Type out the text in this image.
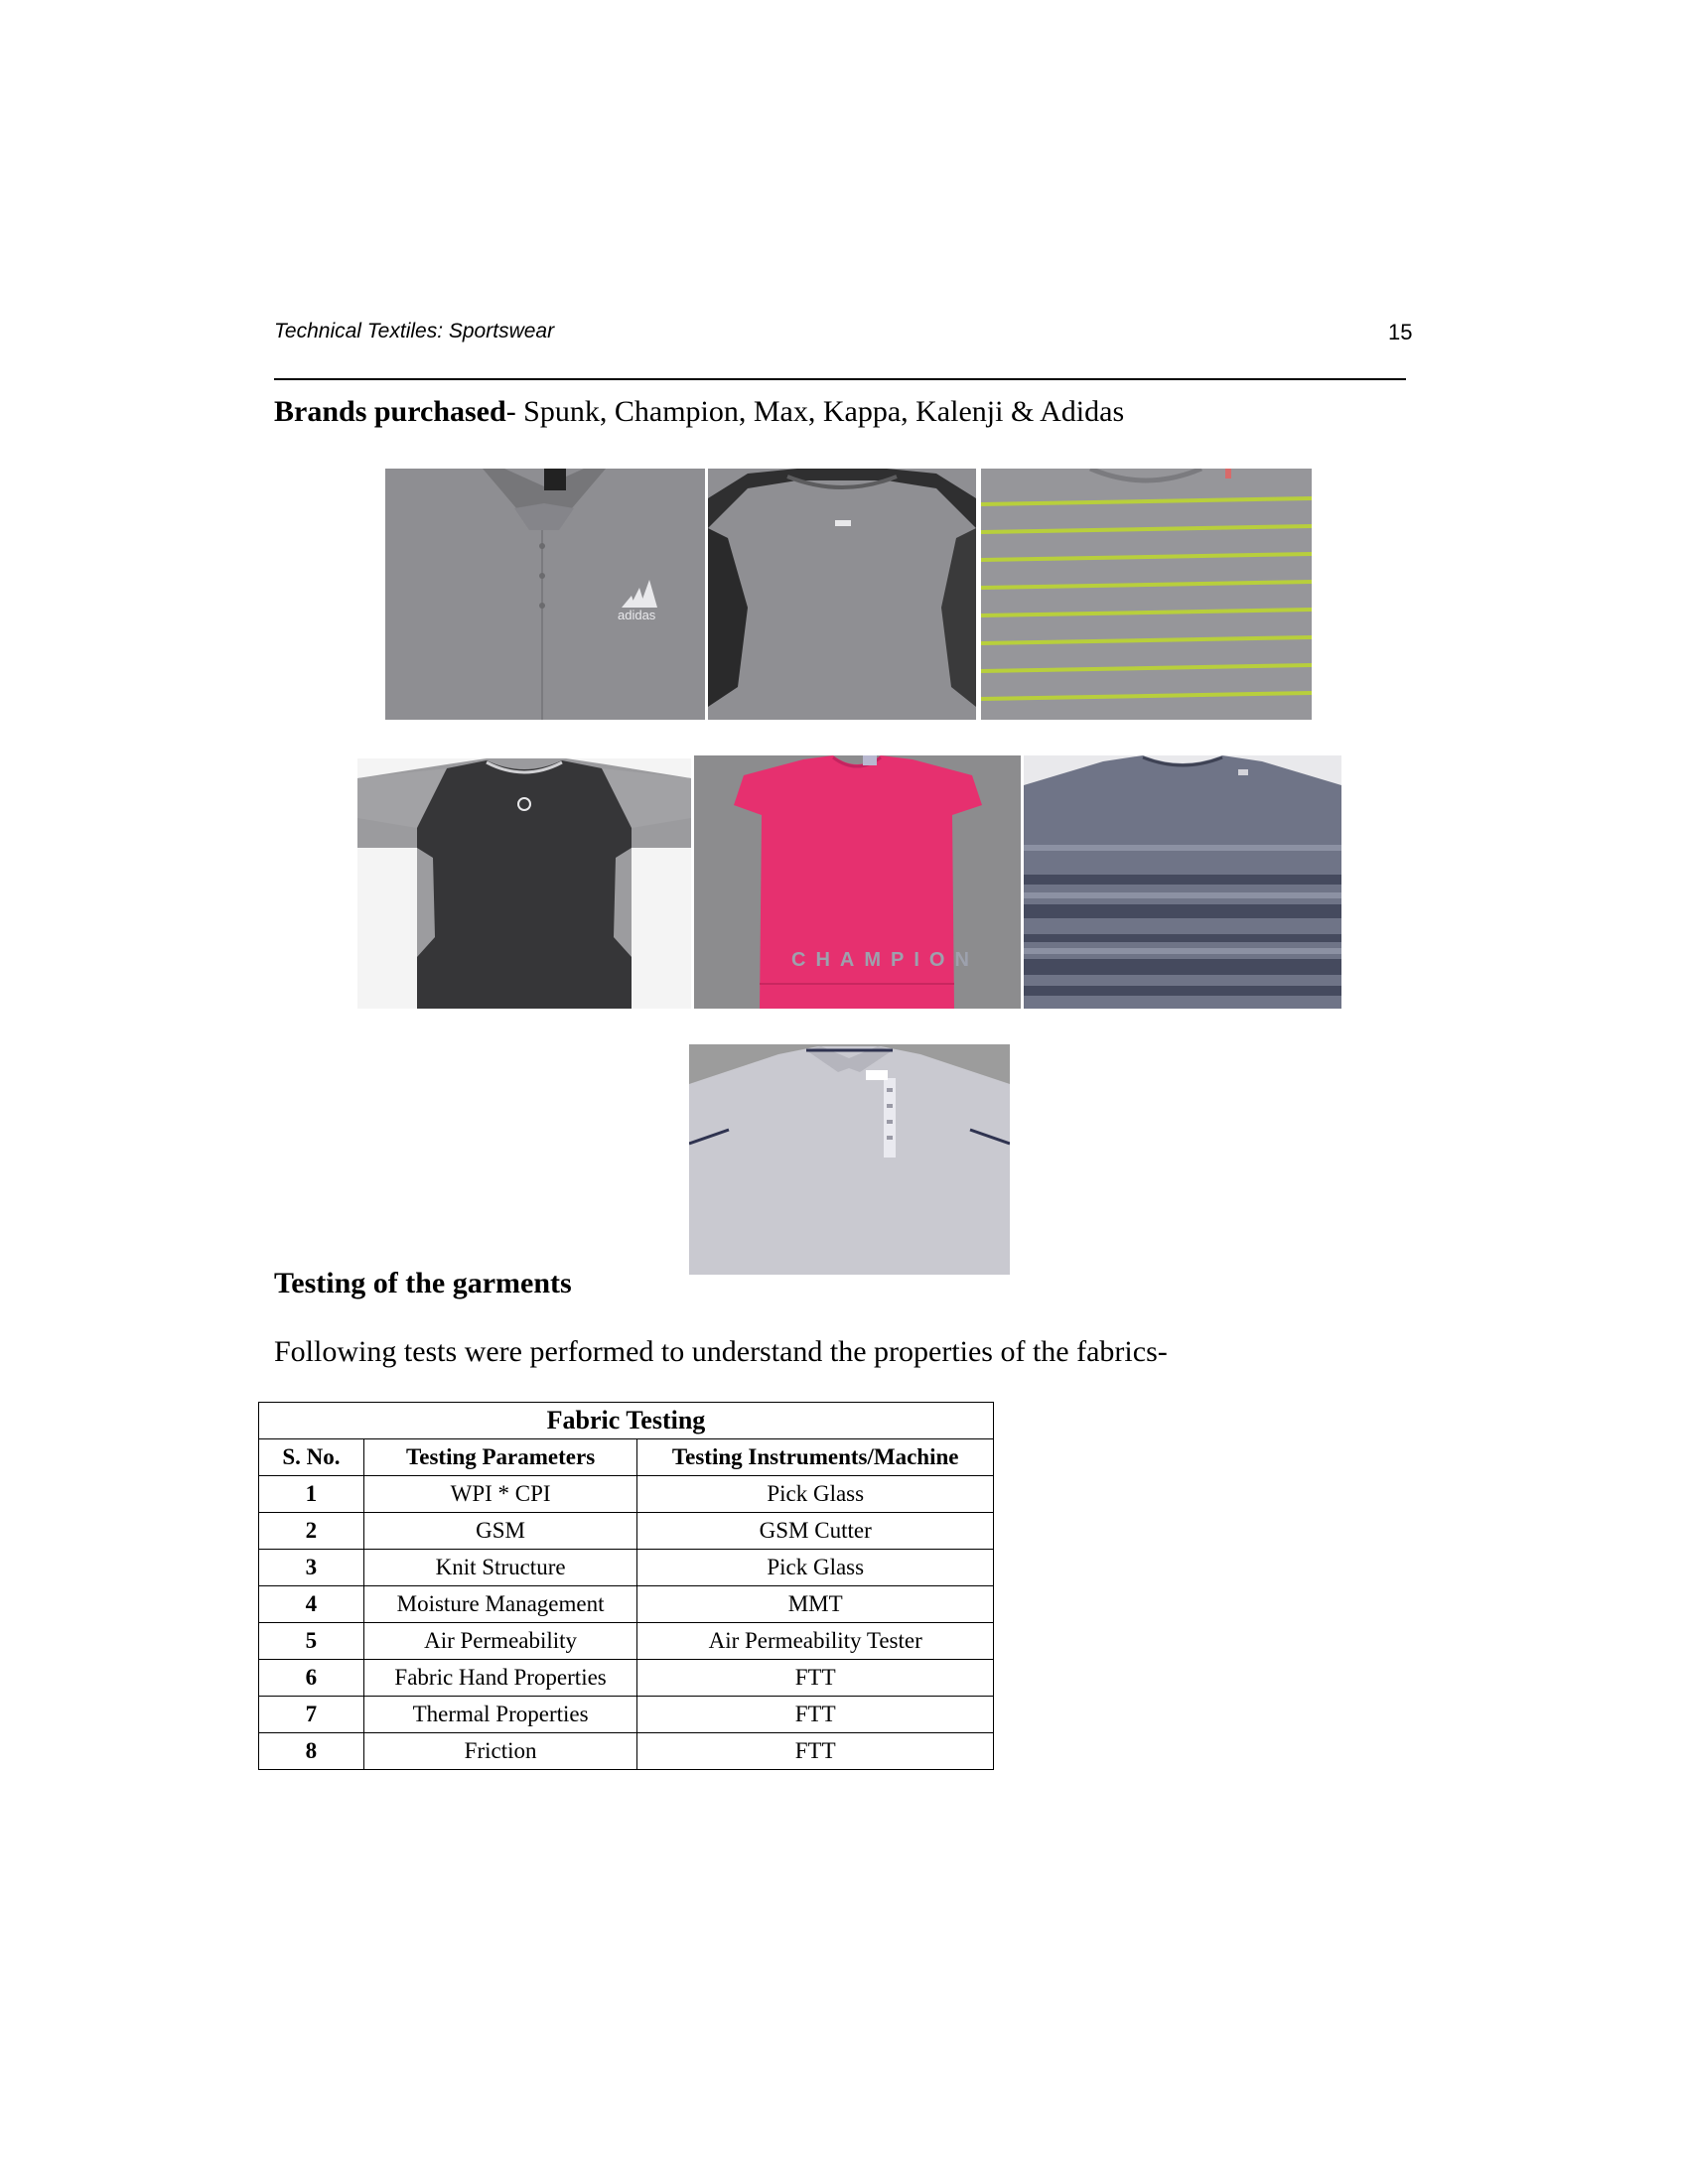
Technical Textiles: Sportswear	15
Brands purchased- Spunk, Champion, Max, Kappa, Kalenji & Adidas
adidas
CHAMPION
Testing of the garments
Following tests were performed to understand the properties of the fabrics-
Fabric Testing		
S. No.	Testing Parameters	Testing Instruments/Machine
1	WPI * CPI	Pick Glass
2	GSM	GSM Cutter
3	Knit Structure	Pick Glass
4	Moisture Management	MMT
5	Air Permeability	Air Permeability Tester
6	Fabric Hand Properties	FTT
7	Thermal Properties	FTT
8	Friction	FTT
